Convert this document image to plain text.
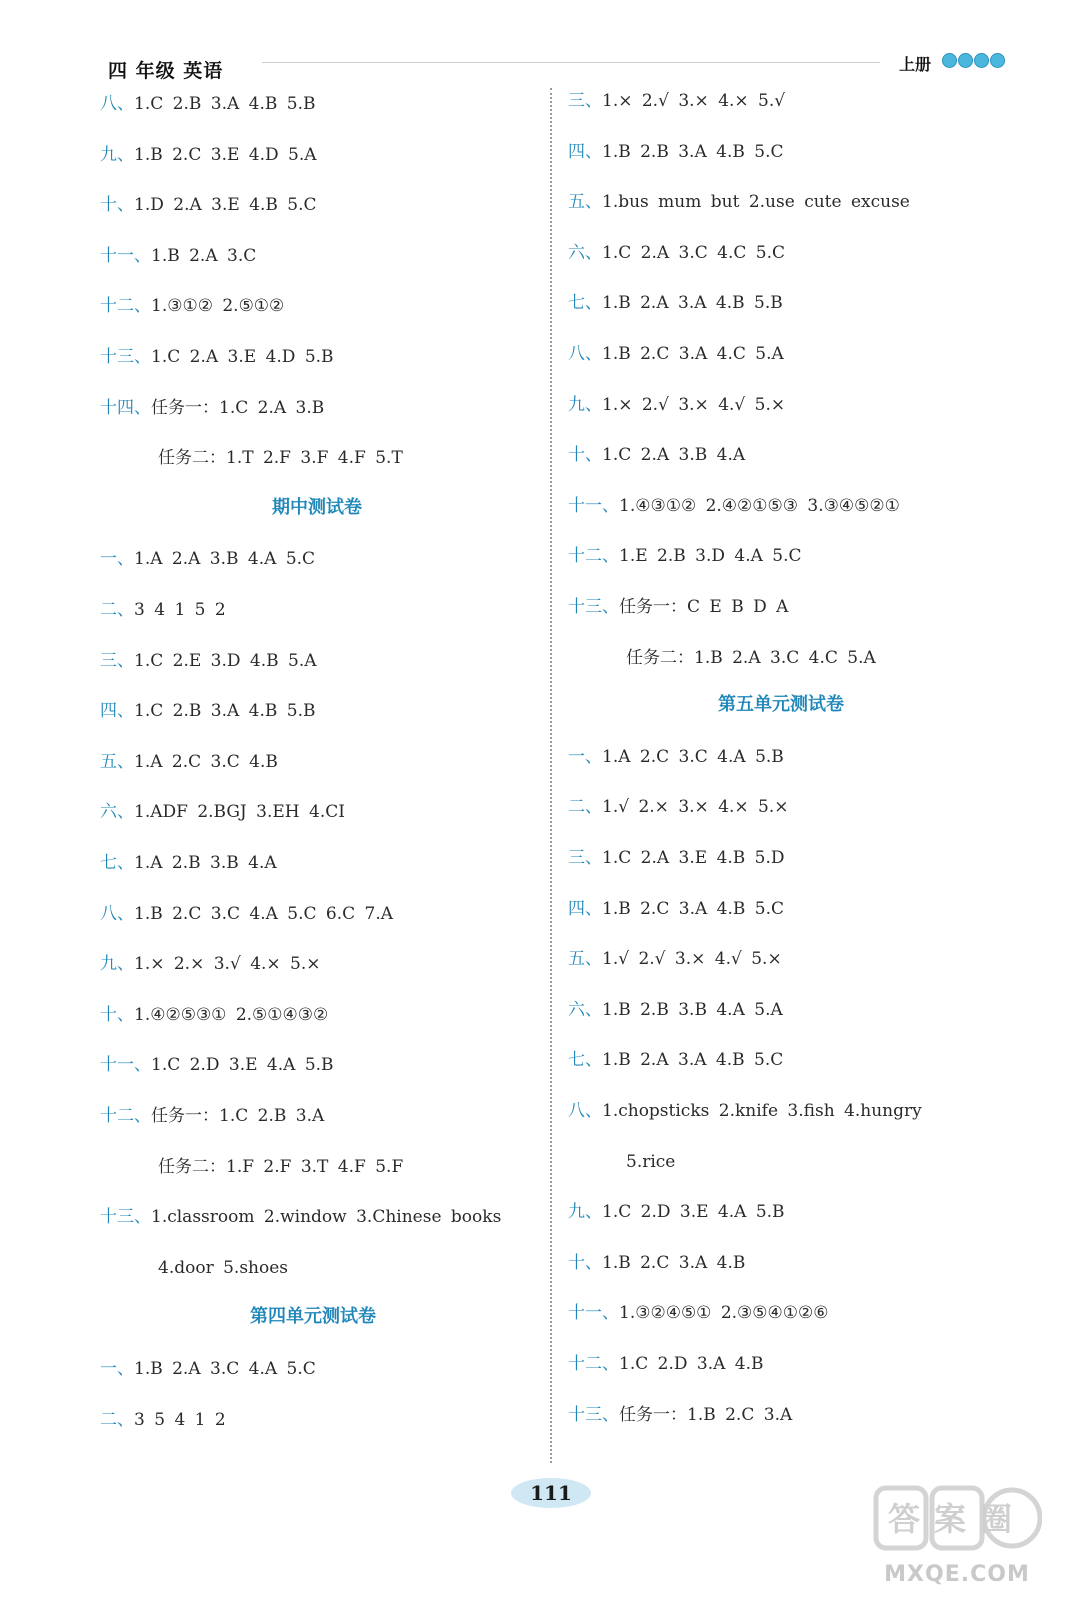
四 年级 英语	上册
八、1.C 2.B 3.A 4.B 5.B
九、1.B 2.C 3.E 4.D 5.A
十、1.D 2.A 3.E 4.B 5.C
十一、1.B 2.A 3.C
十二、1.③①② 2.⑤①②
十三、1.C 2.A 3.E 4.D 5.B
十四、任务一：1.C 2.A 3.B
任务二：1.T 2.F 3.F 4.F 5.T
期中测试卷
一、1.A 2.A 3.B 4.A 5.C
二、3 4 1 5 2
三、1.C 2.E 3.D 4.B 5.A
四、1.C 2.B 3.A 4.B 5.B
五、1.A 2.C 3.C 4.B
六、1.ADF 2.BGJ 3.EH 4.CI
七、1.A 2.B 3.B 4.A
八、1.B 2.C 3.C 4.A 5.C 6.C 7.A
九、1.× 2.× 3.√ 4.× 5.×
十、1.④②⑤③① 2.⑤①④③②
十一、1.C 2.D 3.E 4.A 5.B
十二、任务一：1.C 2.B 3.A
任务二：1.F 2.F 3.T 4.F 5.F
十三、1.classroom 2.window 3.Chinese books
4.door 5.shoes
第四单元测试卷
一、1.B 2.A 3.C 4.A 5.C
二、3 5 4 1 2
三、1.× 2.√ 3.× 4.× 5.√
四、1.B 2.B 3.A 4.B 5.C
五、1.bus mum but 2.use cute excuse
六、1.C 2.A 3.C 4.C 5.C
七、1.B 2.A 3.A 4.B 5.B
八、1.B 2.C 3.A 4.C 5.A
九、1.× 2.√ 3.× 4.√ 5.×
十、1.C 2.A 3.B 4.A
十一、1.④③①② 2.④②①⑤③ 3.③④⑤②①
十二、1.E 2.B 3.D 4.A 5.C
十三、任务一：C E B D A
任务二：1.B 2.A 3.C 4.C 5.A
第五单元测试卷
一、1.A 2.C 3.C 4.A 5.B
二、1.√ 2.× 3.× 4.× 5.×
三、1.C 2.A 3.E 4.B 5.D
四、1.B 2.C 3.A 4.B 5.C
五、1.√ 2.√ 3.× 4.√ 5.×
六、1.B 2.B 3.B 4.A 5.A
七、1.B 2.A 3.A 4.B 5.C
八、1.chopsticks 2.knife 3.fish 4.hungry
5.rice
九、1.C 2.D 3.E 4.A 5.B
十、1.B 2.C 3.A 4.B
十一、1.③②④⑤① 2.③⑤④①②⑥
十二、1.C 2.D 3.A 4.B
十三、任务一：1.B 2.C 3.A
111
答案圈
MXQE.COM
